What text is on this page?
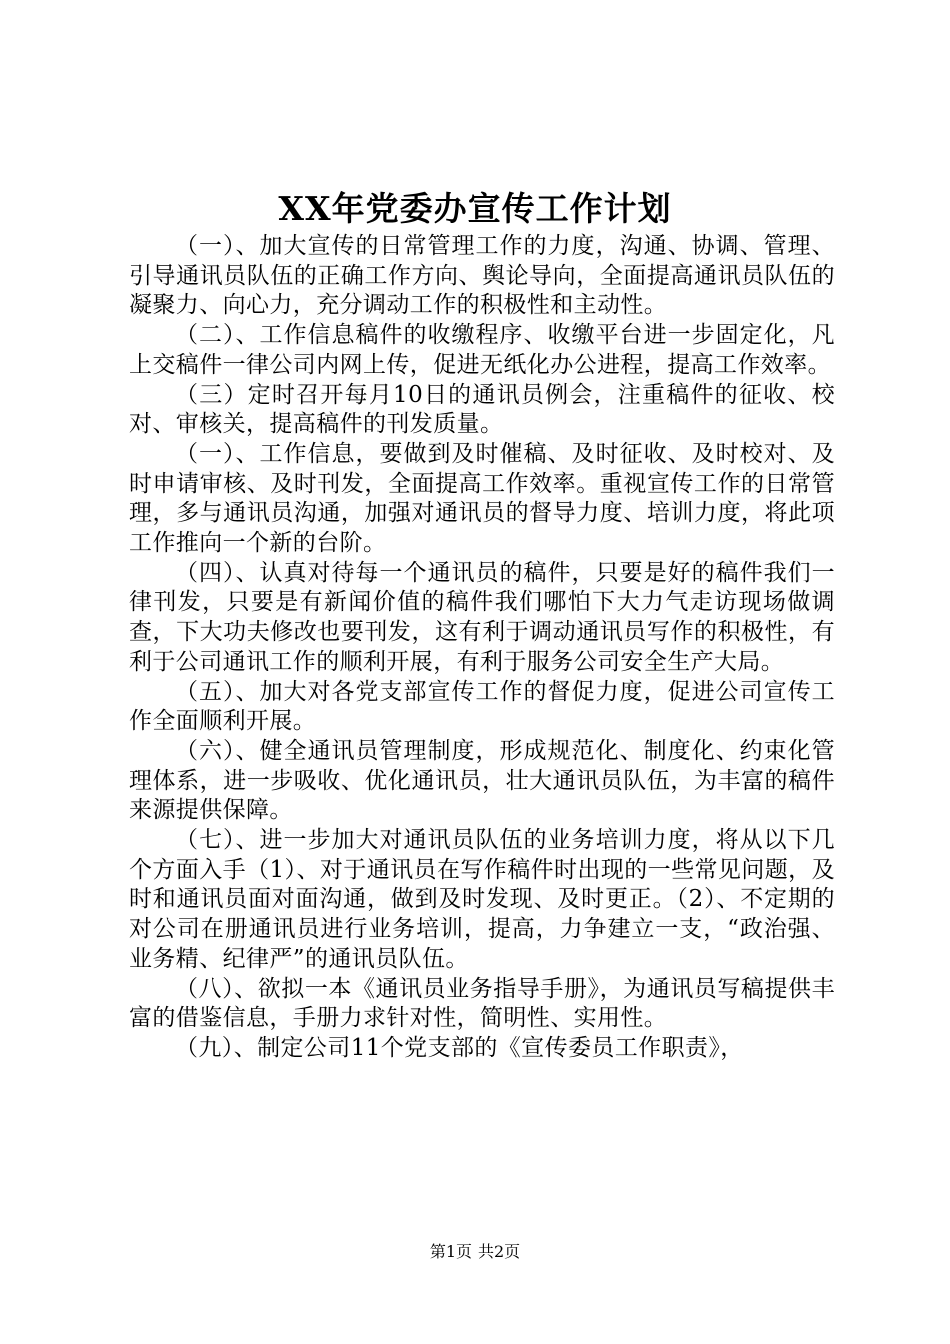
XX年党委办宣传工作计划

（一）、加大宣传的日常管理工作的力度，沟通、协调、管理、引导通讯员队伍的正确工作方向、舆论导向，全面提高通讯员队伍的凝聚力、向心力，充分调动工作的积极性和主动性。

（二）、工作信息稿件的收缴程序、收缴平台进一步固定化，凡上交稿件一律公司内网上传，促进无纸化办公进程，提高工作效率。

（三）定时召开每月10日的通讯员例会，注重稿件的征收、校对、审核关，提高稿件的刊发质量。

（一）、工作信息，要做到及时催稿、及时征收、及时校对、及时申请审核、及时刊发，全面提高工作效率。重视宣传工作的日常管理，多与通讯员沟通，加强对通讯员的督导力度、培训力度，将此项工作推向一个新的台阶。

（四）、认真对待每一个通讯员的稿件，只要是好的稿件我们一律刊发，只要是有新闻价值的稿件我们哪怕下大力气走访现场做调查，下大功夫修改也要刊发，这有利于调动通讯员写作的积极性，有利于公司通讯工作的顺利开展，有利于服务公司安全生产大局。

（五）、加大对各党支部宣传工作的督促力度，促进公司宣传工作全面顺利开展。

（六）、健全通讯员管理制度，形成规范化、制度化、约束化管理体系，进一步吸收、优化通讯员，壮大通讯员队伍，为丰富的稿件来源提供保障。

（七）、进一步加大对通讯员队伍的业务培训力度，将从以下几个方面入手（1）、对于通讯员在写作稿件时出现的一些常见问题，及时和通讯员面对面沟通，做到及时发现、及时更正。（2）、不定期的对公司在册通讯员进行业务培训，提高，力争建立一支，“政治强、业务精、纪律严”的通讯员队伍。

（八）、欲拟一本《通讯员业务指导手册》，为通讯员写稿提供丰富的借鉴信息，手册力求针对性，简明性、实用性。

（九）、制定公司11个党支部的《宣传委员工作职责》，

第1页 共2页
